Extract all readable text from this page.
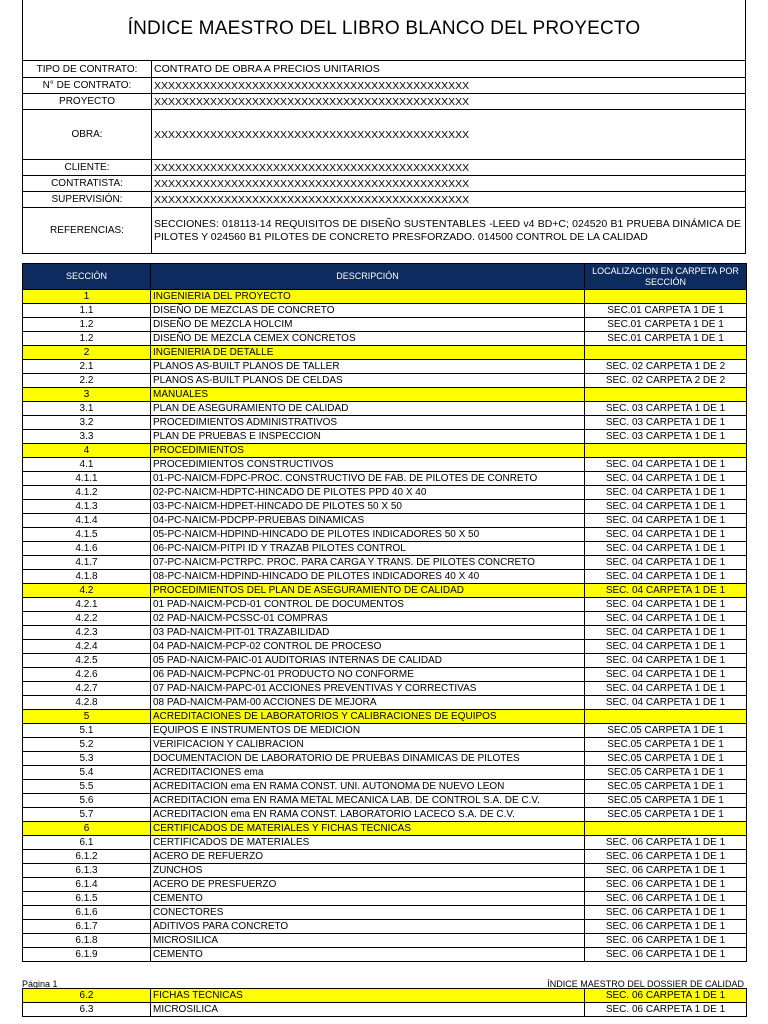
ÍNDICE MAESTRO DEL LIBRO BLANCO DEL PROYECTO
TIPO DE CONTRATO:	CONTRATO DE OBRA A PRECIOS UNITARIOS
N° DE CONTRATO:	XXXXXXXXXXXXXXXXXXXXXXXXXXXXXXXXXXXXXXXXXXXXX
PROYECTO	XXXXXXXXXXXXXXXXXXXXXXXXXXXXXXXXXXXXXXXXXXXXX
OBRA:	XXXXXXXXXXXXXXXXXXXXXXXXXXXXXXXXXXXXXXXXXXXXX
CLIENTE:	XXXXXXXXXXXXXXXXXXXXXXXXXXXXXXXXXXXXXXXXXXXXX
CONTRATISTA:	XXXXXXXXXXXXXXXXXXXXXXXXXXXXXXXXXXXXXXXXXXXXX
SUPERVISIÓN:	XXXXXXXXXXXXXXXXXXXXXXXXXXXXXXXXXXXXXXXXXXXXX
REFERENCIAS:
SECCIONES: 018113-14 REQUISITOS DE DISEÑO SUSTENTABLES -LEED v4 BD+C; 024520 B1 PRUEBA DINÁMICA DE PILOTES Y 024560 B1 PILOTES DE CONCRETO PRESFORZADO. 014500 CONTROL DE LA CALIDAD
SECCIÓN	DESCRIPCIÓN	LOCALIZACION EN CARPETA POR SECCIÓN
1	INGENIERIA DEL PROYECTO	
1.1	DISEÑO DE MEZCLAS DE CONCRETO	SEC.01 CARPETA 1 DE 1
1.2	DISEÑO DE MEZCLA HOLCIM	SEC.01 CARPETA 1 DE 1
1.2	DISEÑO DE MEZCLA CEMEX CONCRETOS	SEC.01 CARPETA 1 DE 1
2	INGENIERIA DE DETALLE	
2.1	PLANOS AS-BUILT PLANOS DE TALLER	SEC. 02 CARPETA 1 DE 2
2.2	PLANOS AS-BUILT PLANOS DE CELDAS	SEC. 02 CARPETA 2 DE 2
3	MANUALES	
3.1	PLAN DE ASEGURAMIENTO DE CALIDAD	SEC. 03 CARPETA 1 DE 1
3.2	PROCEDIMIENTOS ADMINISTRATIVOS	SEC. 03 CARPETA 1 DE 1
3.3	PLAN DE PRUEBAS E INSPECCION	SEC. 03 CARPETA 1 DE 1
4	PROCEDIMIENTOS	
4.1	PROCEDIMIENTOS CONSTRUCTIVOS	SEC. 04 CARPETA 1 DE 1
4.1.1	01-PC-NAICM-FDPC-PROC. CONSTRUCTIVO DE FAB. DE PILOTES DE CONRETO	SEC. 04 CARPETA 1 DE 1
4.1.2	02-PC-NAICM-HDPTC-HINCADO DE PILOTES PPD 40 X 40	SEC. 04 CARPETA 1 DE 1
4.1.3	03-PC-NAICM-HDPET-HINCADO DE PILOTES 50 X 50	SEC. 04 CARPETA 1 DE 1
4.1.4	04-PC-NAICM-PDCPP-PRUEBAS DINAMICAS	SEC. 04 CARPETA 1 DE 1
4.1.5	05-PC-NAICM-HDPIND-HINCADO DE PILOTES INDICADORES 50 X 50	SEC. 04 CARPETA 1 DE 1
4.1.6	06-PC-NAICM-PITPI ID Y TRAZAB PILOTES CONTROL	SEC. 04 CARPETA 1 DE 1
4.1.7	07-PC-NAICM-PCTRPC. PROC. PARA CARGA Y TRANS. DE PILOTES CONCRETO	SEC. 04 CARPETA 1 DE 1
4.1.8	08-PC-NAICM-HDPIND-HINCADO DE PILOTES INDICADORES 40 X 40	SEC. 04 CARPETA 1 DE 1
4.2	PROCEDIMIENTOS DEL PLAN DE ASEGURAMIENTO DE CALIDAD	SEC. 04 CARPETA 1 DE 1
4.2.1	01 PAD-NAICM-PCD-01 CONTROL DE DOCUMENTOS	SEC. 04 CARPETA 1 DE 1
4.2.2	02 PAD-NAICM-PCSSC-01 COMPRAS	SEC. 04 CARPETA 1 DE 1
4.2.3	03 PAD-NAICM-PIT-01 TRAZABILIDAD	SEC. 04 CARPETA 1 DE 1
4.2.4	04 PAD-NAICM-PCP-02 CONTROL DE PROCESO	SEC. 04 CARPETA 1 DE 1
4.2.5	05 PAD-NAICM-PAIC-01 AUDITORIAS INTERNAS DE CALIDAD	SEC. 04 CARPETA 1 DE 1
4.2.6	06 PAD-NAICM-PCPNC-01 PRODUCTO NO CONFORME	SEC. 04 CARPETA 1 DE 1
4.2.7	07 PAD-NAICM-PAPC-01 ACCIONES PREVENTIVAS Y CORRECTIVAS	SEC. 04 CARPETA 1 DE 1
4.2.8	08 PAD-NAICM-PAM-00 ACCIONES DE MEJORA	SEC. 04 CARPETA 1 DE 1
5	ACREDITACIONES DE LABORATORIOS Y CALIBRACIONES DE EQUIPOS	
5.1	EQUIPOS E INSTRUMENTOS DE MEDICION	SEC.05 CARPETA 1 DE 1
5.2	VERIFICACION Y CALIBRACION	SEC.05 CARPETA 1 DE 1
5.3	DOCUMENTACION DE LABORATORIO DE PRUEBAS DINAMICAS DE PILOTES	SEC.05 CARPETA 1 DE 1
5.4	ACREDITACIONES ema	SEC.05 CARPETA 1 DE 1
5.5	ACREDITACION ema EN RAMA CONST. UNI. AUTONOMA DE NUEVO LEON	SEC.05 CARPETA 1 DE 1
5.6	ACREDITACION ema EN RAMA METAL MECANICA LAB. DE CONTROL S.A. DE C.V.	SEC.05 CARPETA 1 DE 1
5.7	ACREDITACION ema EN RAMA CONST. LABORATORIO LACECO S.A. DE C.V.	SEC.05 CARPETA 1 DE 1
6	CERTIFICADOS DE MATERIALES Y FICHAS TECNICAS	
6.1	CERTIFICADOS DE MATERIALES	SEC. 06 CARPETA 1 DE 1
6.1.2	ACERO DE REFUERZO	SEC. 06 CARPETA 1 DE 1
6.1.3	ZUNCHOS	SEC. 06 CARPETA 1 DE 1
6.1.4	ACERO DE PRESFUERZO	SEC. 06 CARPETA 1 DE 1
6.1.5	CEMENTO	SEC. 06 CARPETA 1 DE 1
6.1.6	CONECTORES	SEC. 06 CARPETA 1 DE 1
6.1.7	ADITIVOS PARA CONCRETO	SEC. 06 CARPETA 1 DE 1
6.1.8	MICROSILICA	SEC. 06 CARPETA 1 DE 1
6.1.9	CEMENTO	SEC. 06 CARPETA 1 DE 1
Página 1	ÍNDICE MAESTRO DEL DOSSIER DE CALIDAD
6.2	FICHAS TECNICAS	SEC. 06 CARPETA 1 DE 1
6.3	MICROSILICA	SEC. 06 CARPETA 1 DE 1
